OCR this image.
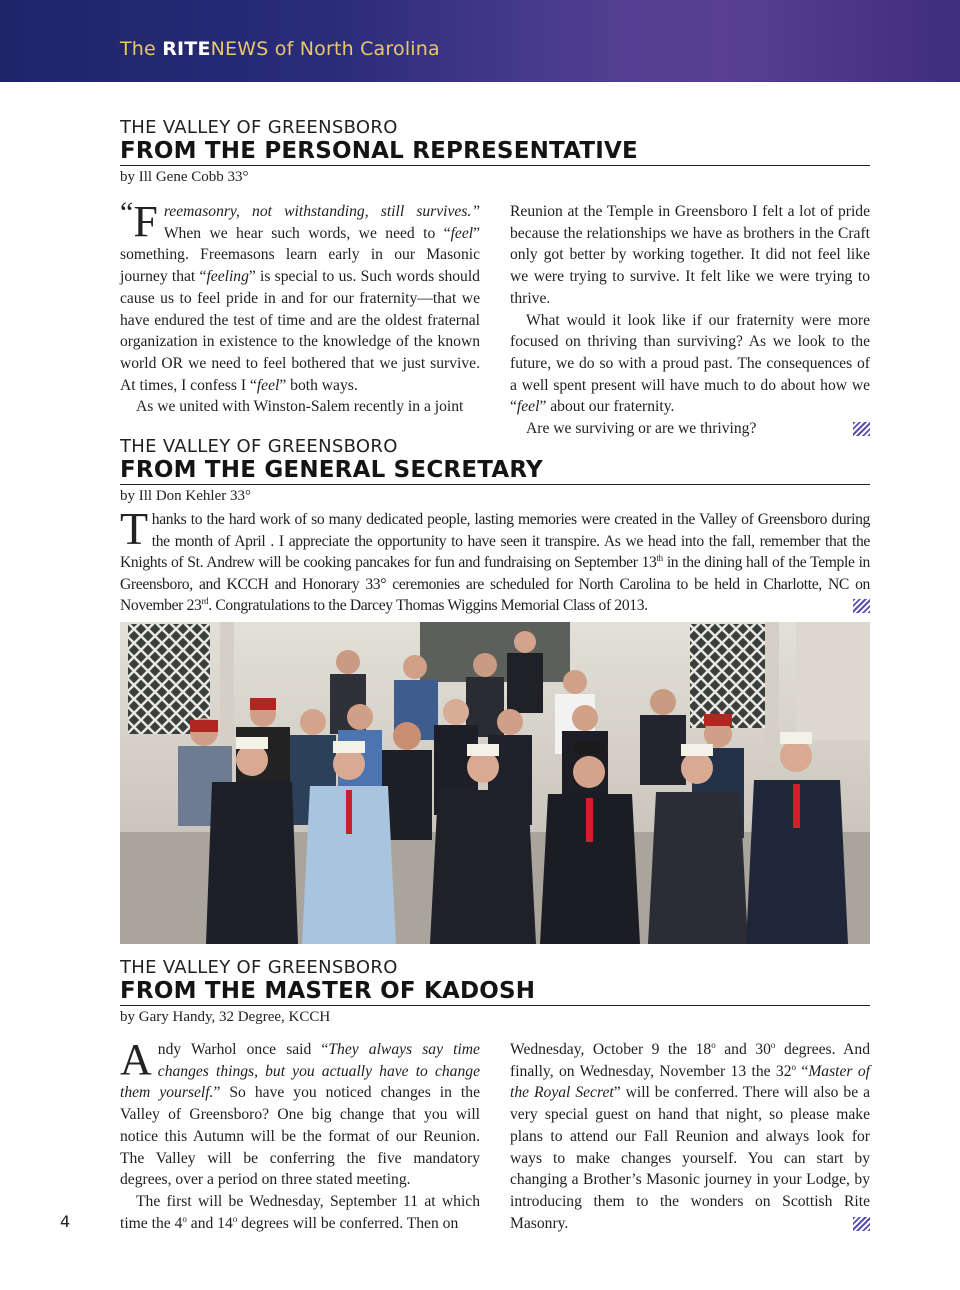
The RITENEWS of North Carolina
THE VALLEY OF GREENSBORO
FROM THE PERSONAL REPRESENTATIVE
by Ill Gene Cobb 33°

“F reemasonry, not withstanding, still survives.” When we hear such words, we need to “feel” something. Freemasons learn early in our Masonic journey that “feeling” is special to us. Such words should cause us to feel pride in and for our fraternity—that we have endured the test of time and are the oldest fraternal organization in existence to the knowledge of the known world OR we need to feel bothered that we just survive. At times, I confess I “feel” both ways.

As we united with Winston-Salem recently in a joint

Reunion at the Temple in Greensboro I felt a lot of pride because the relationships we have as brothers in the Craft only got better by working together. It did not feel like we were trying to survive. It felt like we were trying to thrive.

What would it look like if our fraternity were more focused on thriving than surviving? As we look to the future, we do so with a proud past. The consequences of a well spent present will have much to do about how we “feel” about our fraternity.

Are we surviving or are we thriving?

THE VALLEY OF GREENSBORO
FROM THE GENERAL SECRETARY
by Ill Don Kehler 33°
Thanks to the hard work of so many dedicated people, lasting memories were created in the Valley of Greensboro during the month of April . I appreciate the opportunity to have seen it transpire. As we head into the fall, remember that the Knights of St. Andrew will be cooking pancakes for fun and fundraising on September 13th in the dining hall of the Temple in Greensboro, and KCCH and Honorary 33° ceremonies are scheduled for North Carolina to be held in Charlotte, NC on November 23rd. Congratulations to the Darcey Thomas Wiggins Memorial Class of 2013.
THE VALLEY OF GREENSBORO
FROM THE MASTER OF KADOSH
by Gary Handy, 32 Degree, KCCH

Andy Warhol once said “They always say time changes things, but you actually have to change them yourself.” So have you noticed changes in the Valley of Greensboro? One big change that you will notice this Autumn will be the format of our Reunion. The Valley will be conferring the five mandatory degrees, over a period on three stated meeting.

The first will be Wednesday, September 11 at which time the 4$^o$ and 14$^o$ degrees will be conferred. Then on

Wednesday, October 9 the 18$^o$ and 30$^o$ degrees. And finally, on Wednesday, November 13 the 32$^o$ “Master of the Royal Secret” will be conferred. There will also be a very special guest on hand that night, so please make plans to attend our Fall Reunion and always look for ways to make changes yourself. You can start by changing a Brother’s Masonic journey in your Lodge, by introducing them to the wonders on Scottish Rite Masonry.

4
